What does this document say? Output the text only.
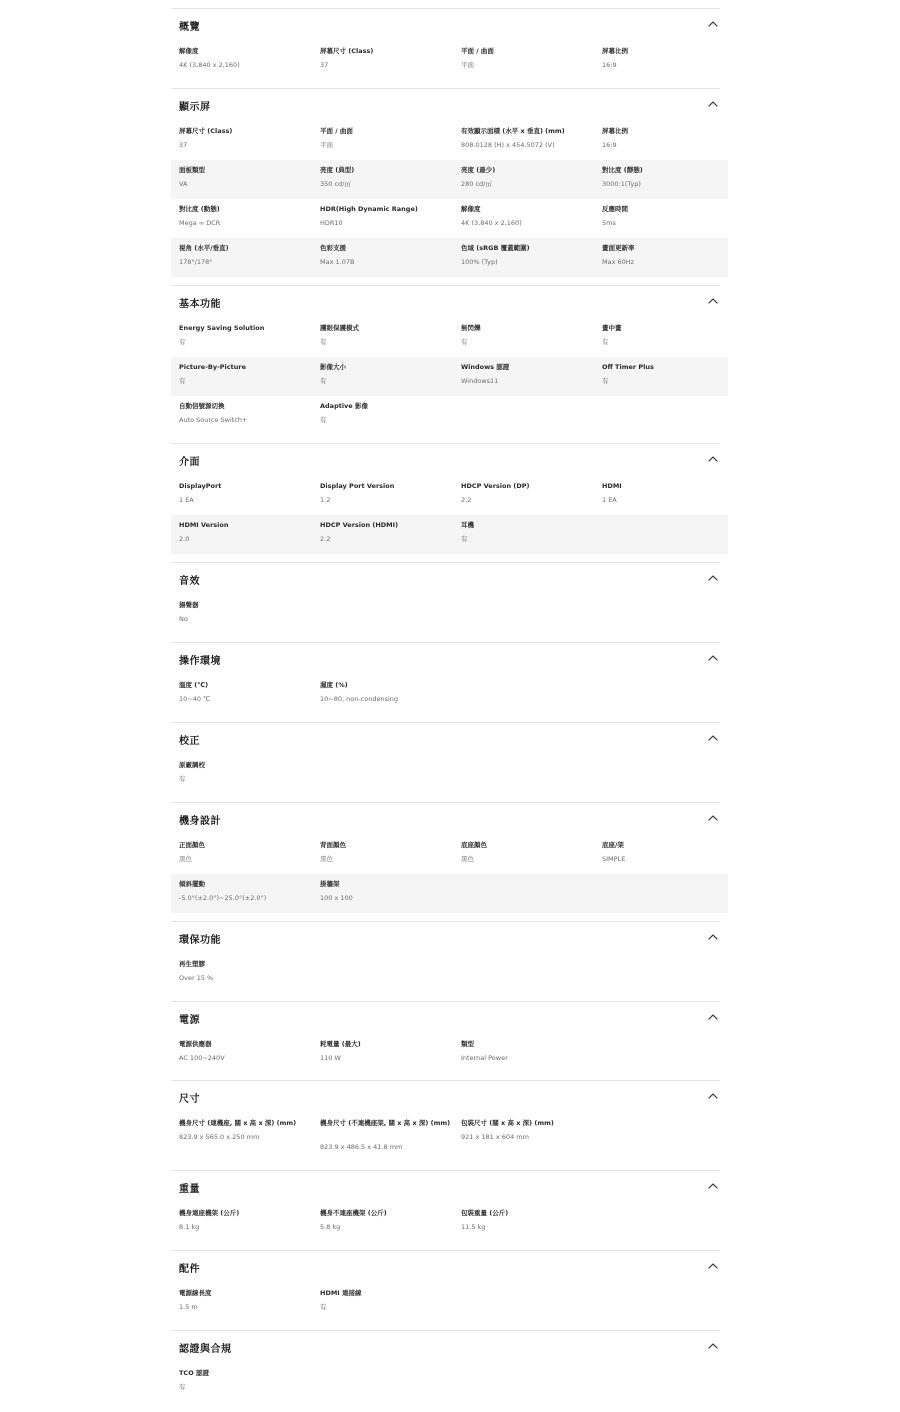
概覽
解像度
4K (3,840 x 2,160)
屏幕尺寸 (Class)
37
平面 / 曲面
平面
屏幕比例
16:9
顯示屏
屏幕尺寸 (Class)
37
平面 / 曲面
平面
有效顯示面積 (水平 x 垂直) (mm)
808.0128 (H) x 454.5072 (V)
屏幕比例
16:9
面板類型
VA
亮度 (典型)
350 cd/㎡
亮度 (最少)
280 cd/㎡
對比度 (靜態)
3000:1(Typ)
對比度 (動態)
Mega ∞ DCR
HDR(High Dynamic Range)
HDR10
解像度
4K (3,840 x 2,160)
反應時間
5ms
視角 (水平/垂直)
178°/178°
色彩支援
Max 1.07B
色域 (sRGB 覆蓋範圍)
100% (Typ)
畫面更新率
Max 60Hz
基本功能
Energy Saving Solution
有
護眼保護模式
有
無閃爍
有
畫中畫
有
Picture-By-Picture
有
影像大小
有
Windows 認證
Windows11
Off Timer Plus
有
自動信號源切換
Auto Source Switch+
Adaptive 影像
有
介面
DisplayPort
1 EA
Display Port Version
1.2
HDCP Version (DP)
2.2
HDMI
1 EA
HDMI Version
2.0
HDCP Version (HDMI)
2.2
耳機
有
音效
揚聲器
No
操作環境
溫度 (℃)
10~40 ℃
濕度 (%)
10~80, non-condensing
校正
原廠調校
有
機身設計
正面顏色
黑色
背面顏色
黑色
底座顏色
黑色
底座/架
SIMPLE
傾斜擺動
-5.0°(±2.0°)~25.0°(±2.0°)
掛牆架
100 x 100
環保功能
再生塑膠
Over 15 %
電源
電源供應器
AC 100~240V
耗電量 (最大)
110 W
類型
Internal Power
尺寸
機身尺寸 (連機座, 闊 x 高 x 深) (mm)
823.9 x 565.0 x 250 mm
機身尺寸 (不連機座架, 闊 x 高 x 深) (mm)
823.9 x 486.5 x 41.8 mm
包裝尺寸 (闊 x 高 x 深) (mm)
921 x 181 x 604 mm
重量
機身連座機架 (公斤)
8.1 kg
機身不連座機架 (公斤)
5.8 kg
包裝重量 (公斤)
11.5 kg
配件
電源線長度
1.5 m
HDMI 連接線
有
認證與合規
TCO 認證
有
